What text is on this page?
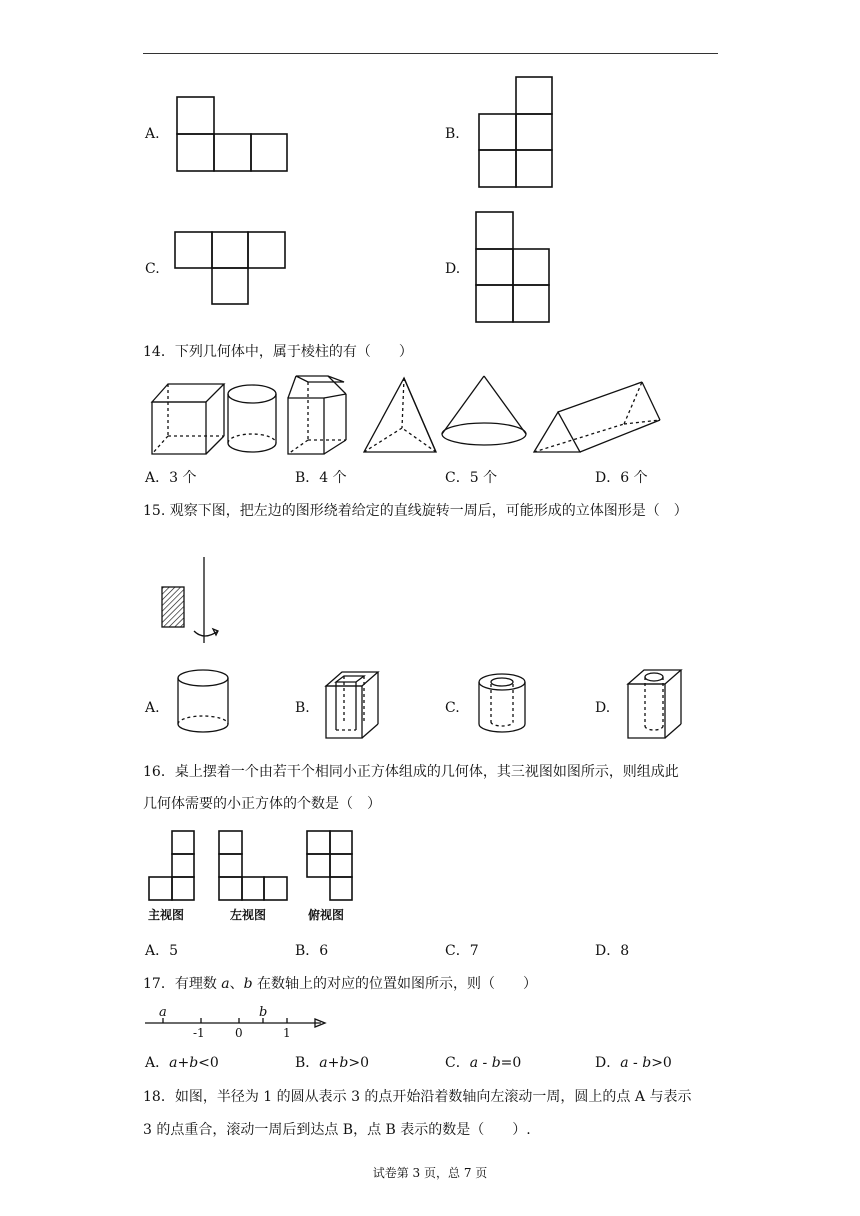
A.	B.
C.	D.
14．下列几何体中，属于棱柱的有（　　）
A．3 个	B．4 个	C．5 个	D．6 个
15. 观察下图，把左边的图形绕着给定的直线旋转一周后，可能形成的立体图形是（　）
A.	B.	C.	D.
16．桌上摆着一个由若干个相同小正方体组成的几何体，其三视图如图所示，则组成此
几何体需要的小正方体的个数是（　）
主视图	左视图	俯视图
A．5	B．6	C．7	D．8
17．有理数 a、b 在数轴上的对应的位置如图所示，则（　　）
a	b
-1	0	1
A．a+b<0	B．a+b>0	C．a - b=0	D．a - b>0
18．如图，半径为 1 的圆从表示 3 的点开始沿着数轴向左滚动一周，圆上的点 A 与表示
3 的点重合，滚动一周后到达点 B，点 B 表示的数是（　　）.
试卷第 3 页，总 7 页
